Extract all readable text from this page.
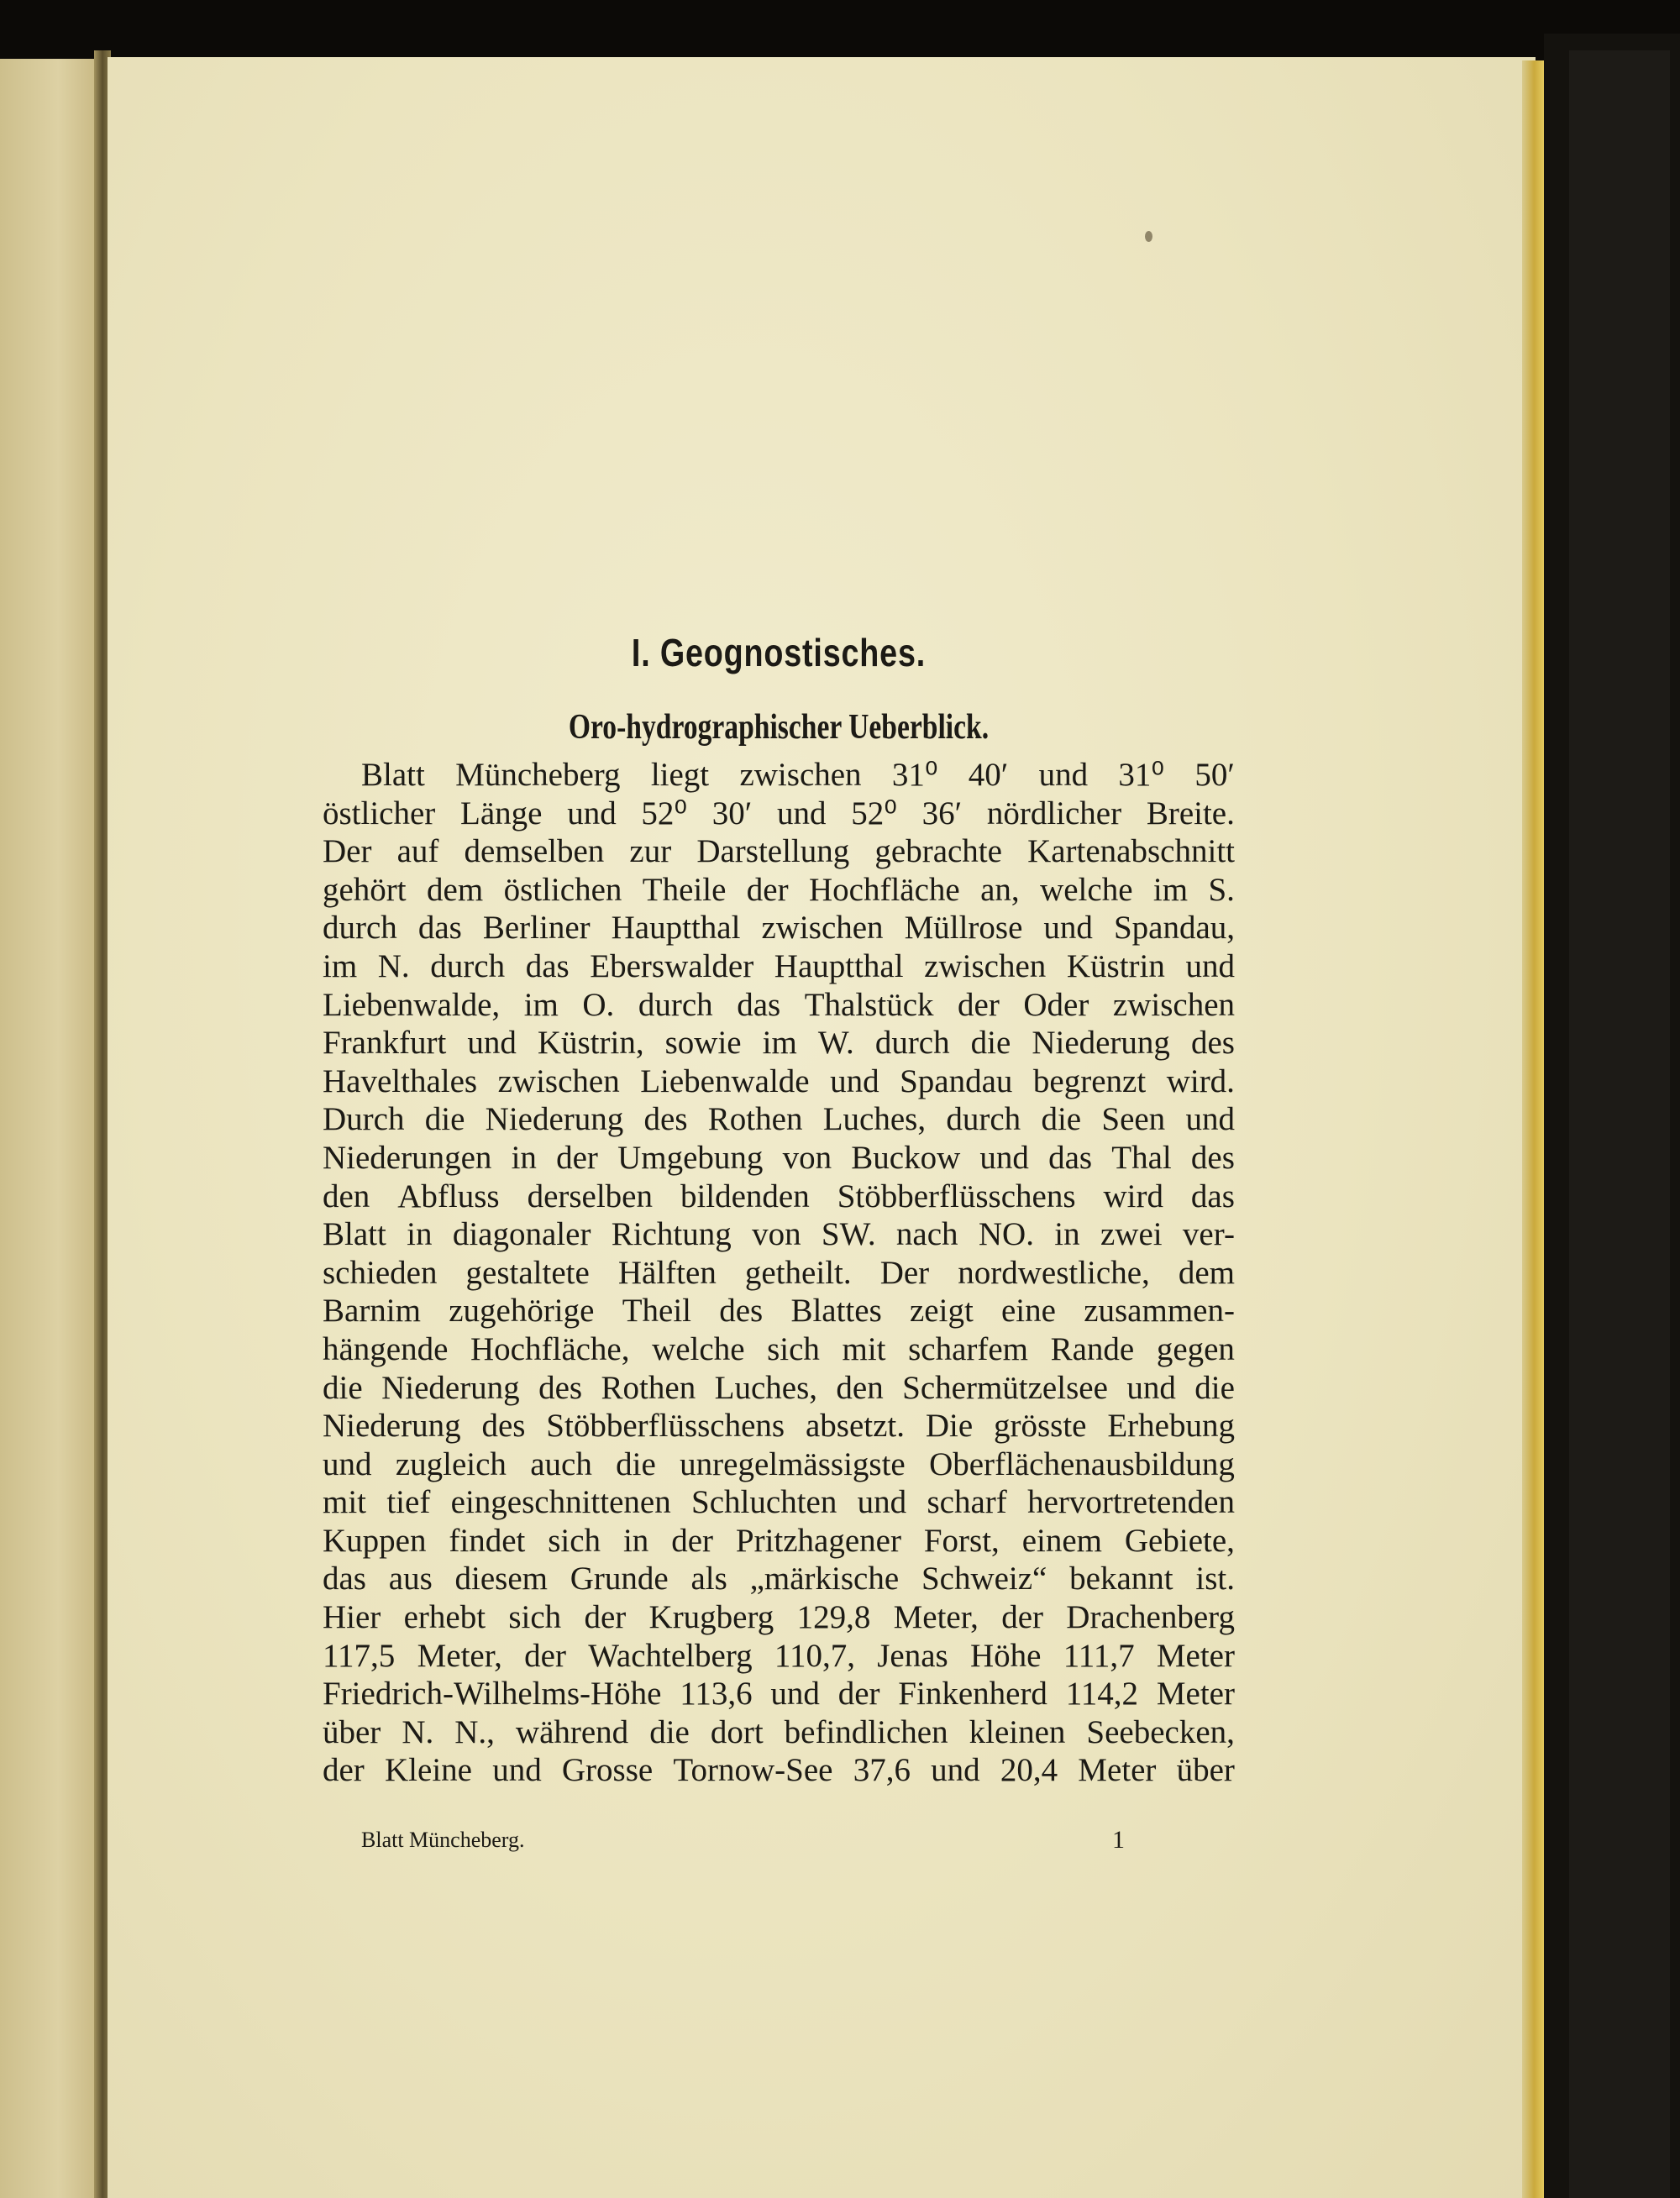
I. Geognostisches.
Oro-hydrographischer Ueberblick.
Blatt Müncheberg liegt zwischen 31⁰ 40′ und 31⁰ 50′
östlicher Länge und 52⁰ 30′ und 52⁰ 36′ nördlicher Breite.
Der auf demselben zur Darstellung gebrachte Kartenabschnitt
gehört dem östlichen Theile der Hochfläche an, welche im S.
durch das Berliner Hauptthal zwischen Müllrose und Spandau,
im N. durch das Eberswalder Hauptthal zwischen Küstrin und
Liebenwalde, im O. durch das Thalstück der Oder zwischen
Frankfurt und Küstrin, sowie im W. durch die Niederung des
Havelthales zwischen Liebenwalde und Spandau begrenzt wird.
Durch die Niederung des Rothen Luches, durch die Seen und
Niederungen in der Umgebung von Buckow und das Thal des
den Abfluss derselben bildenden Stöbberflüsschens wird das
Blatt in diagonaler Richtung von SW. nach NO. in zwei ver-
schieden gestaltete Hälften getheilt. Der nordwestliche, dem
Barnim zugehörige Theil des Blattes zeigt eine zusammen-
hängende Hochfläche, welche sich mit scharfem Rande gegen
die Niederung des Rothen Luches, den Schermützelsee und die
Niederung des Stöbberflüsschens absetzt. Die grösste Erhebung
und zugleich auch die unregelmässigste Oberflächenausbildung
mit tief eingeschnittenen Schluchten und scharf hervortretenden
Kuppen findet sich in der Pritzhagener Forst, einem Gebiete,
das aus diesem Grunde als „märkische Schweiz“ bekannt ist.
Hier erhebt sich der Krugberg 129,8 Meter, der Drachenberg
117,5 Meter, der Wachtelberg 110,7, Jenas Höhe 111,7 Meter
Friedrich-Wilhelms-Höhe 113,6 und der Finkenherd 114,2 Meter
über N. N., während die dort befindlichen kleinen Seebecken,
der Kleine und Grosse Tornow-See 37,6 und 20,4 Meter über
Blatt Müncheberg.	1
